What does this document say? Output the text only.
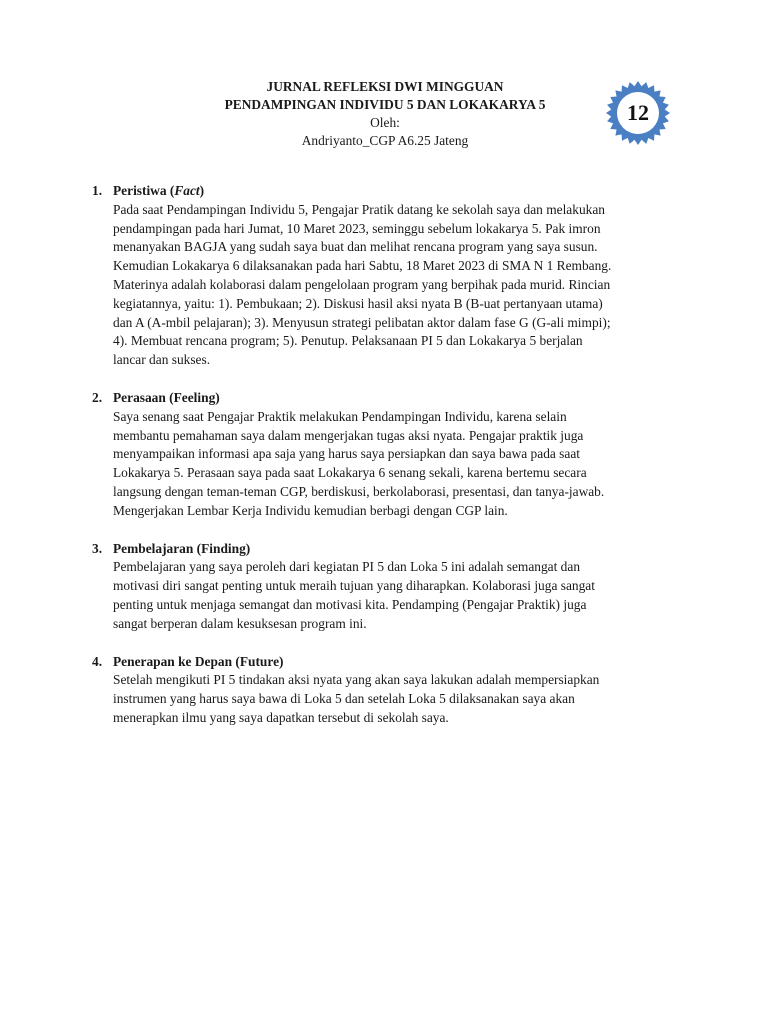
JURNAL REFLEKSI DWI MINGGUAN
PENDAMPINGAN INDIVIDU 5 DAN LOKAKARYA 5
Oleh:
Andriyanto_CGP A6.25 Jateng
12
1. Peristiwa (Fact)
Pada saat Pendampingan Individu 5, Pengajar Pratik datang ke sekolah saya dan melakukan
pendampingan pada hari Jumat, 10 Maret 2023, seminggu sebelum lokakarya 5. Pak imron
menanyakan BAGJA yang sudah saya buat dan melihat rencana program yang saya susun.
Kemudian Lokakarya 6 dilaksanakan pada hari Sabtu, 18 Maret 2023 di SMA N 1 Rembang.
Materinya adalah kolaborasi dalam pengelolaan program yang berpihak pada murid. Rincian
kegiatannya, yaitu: 1). Pembukaan; 2). Diskusi hasil aksi nyata B (B-uat pertanyaan utama)
dan A (A-mbil pelajaran); 3). Menyusun strategi pelibatan aktor dalam fase G (G-ali mimpi);
4). Membuat rencana program; 5). Penutup. Pelaksanaan PI 5 dan Lokakarya 5 berjalan
lancar dan sukses.
2. Perasaan (Feeling)
Saya senang saat Pengajar Praktik melakukan Pendampingan Individu, karena selain
membantu pemahaman saya dalam mengerjakan tugas aksi nyata. Pengajar praktik juga
menyampaikan informasi apa saja yang harus saya persiapkan dan saya bawa pada saat
Lokakarya 5. Perasaan saya pada saat Lokakarya 6 senang sekali, karena bertemu secara
langsung dengan teman-teman CGP, berdiskusi, berkolaborasi, presentasi, dan tanya-jawab.
Mengerjakan Lembar Kerja Individu kemudian berbagi dengan CGP lain.
3. Pembelajaran (Finding)
Pembelajaran yang saya peroleh dari kegiatan PI 5 dan Loka 5 ini adalah semangat dan
motivasi diri sangat penting untuk meraih tujuan yang diharapkan. Kolaborasi juga sangat
penting untuk menjaga semangat dan motivasi kita. Pendamping (Pengajar Praktik) juga
sangat berperan dalam kesuksesan program ini.
4. Penerapan ke Depan (Future)
Setelah mengikuti PI 5 tindakan aksi nyata yang akan saya lakukan adalah mempersiapkan
instrumen yang harus saya bawa di Loka 5 dan setelah Loka 5 dilaksanakan saya akan
menerapkan ilmu yang saya dapatkan tersebut di sekolah saya.
